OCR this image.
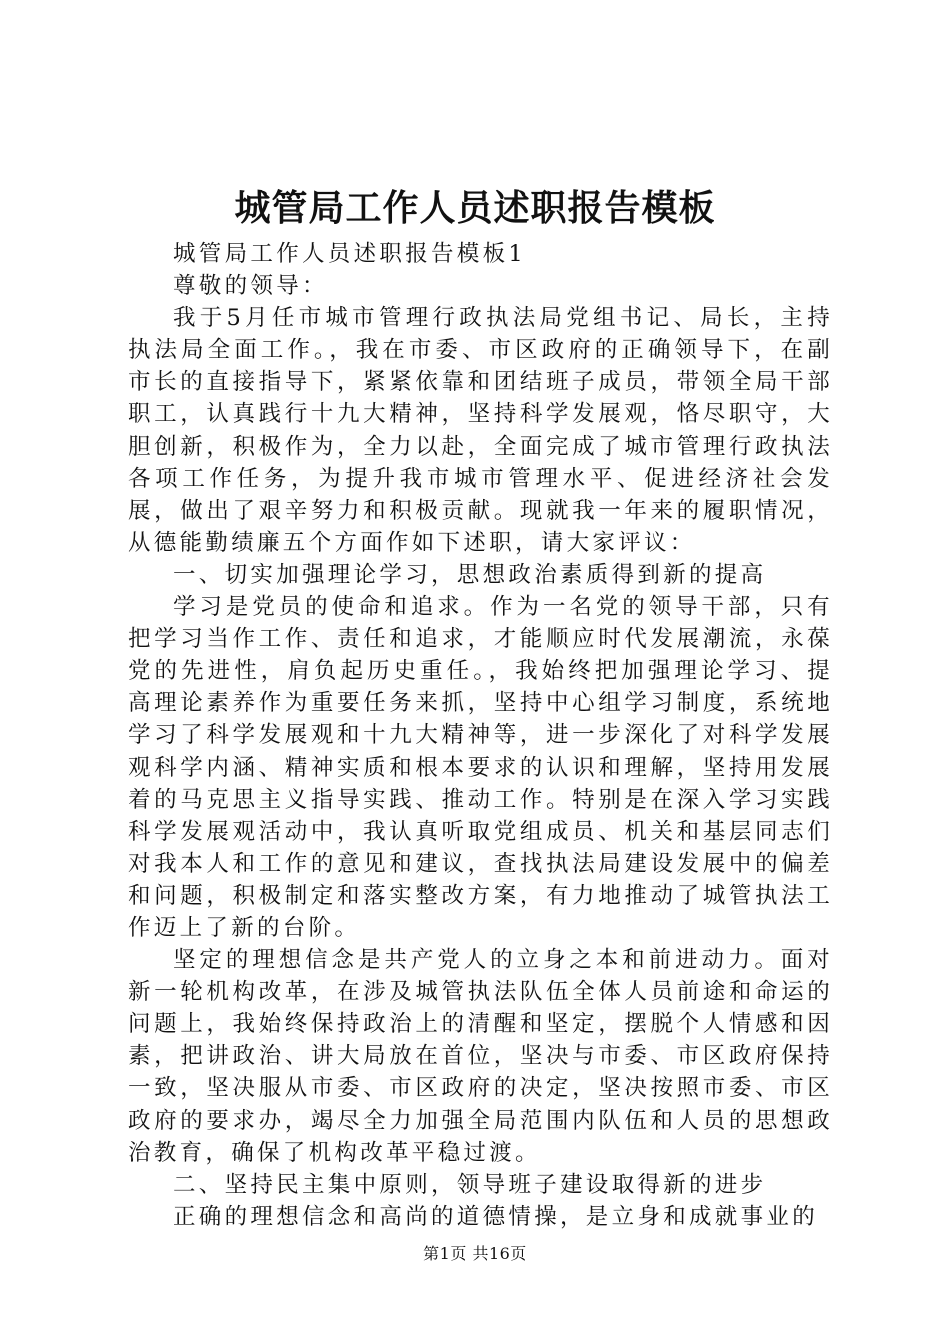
城管局工作人员述职报告模板

城管局工作人员述职报告模板1

尊敬的领导：

我于5月任市城市管理行政执法局党组书记、局长，主持执法局全面工作。，我在市委、市区政府的正确领导下，在副市长的直接指导下，紧紧依靠和团结班子成员，带领全局干部职工，认真践行十九大精神，坚持科学发展观，恪尽职守，大胆创新，积极作为，全力以赴，全面完成了城市管理行政执法各项工作任务，为提升我市城市管理水平、促进经济社会发展，做出了艰辛努力和积极贡献。现就我一年来的履职情况，从德能勤绩廉五个方面作如下述职，请大家评议：

一、切实加强理论学习，思想政治素质得到新的提高

学习是党员的使命和追求。作为一名党的领导干部，只有把学习当作工作、责任和追求，才能顺应时代发展潮流，永葆党的先进性，肩负起历史重任。，我始终把加强理论学习、提高理论素养作为重要任务来抓，坚持中心组学习制度，系统地学习了科学发展观和十九大精神等，进一步深化了对科学发展观科学内涵、精神实质和根本要求的认识和理解，坚持用发展着的马克思主义指导实践、推动工作。特别是在深入学习实践科学发展观活动中，我认真听取党组成员、机关和基层同志们对我本人和工作的意见和建议，查找执法局建设发展中的偏差和问题，积极制定和落实整改方案，有力地推动了城管执法工作迈上了新的台阶。

坚定的理想信念是共产党人的立身之本和前进动力。面对新一轮机构改革，在涉及城管执法队伍全体人员前途和命运的问题上，我始终保持政治上的清醒和坚定，摆脱个人情感和因素，把讲政治、讲大局放在首位，坚决与市委、市区政府保持一致，坚决服从市委、市区政府的决定，坚决按照市委、市区政府的要求办，竭尽全力加强全局范围内队伍和人员的思想政治教育，确保了机构改革平稳过渡。

二、坚持民主集中原则，领导班子建设取得新的进步

正确的理想信念和高尚的道德情操，是立身和成就事业的

第1页 共16页
